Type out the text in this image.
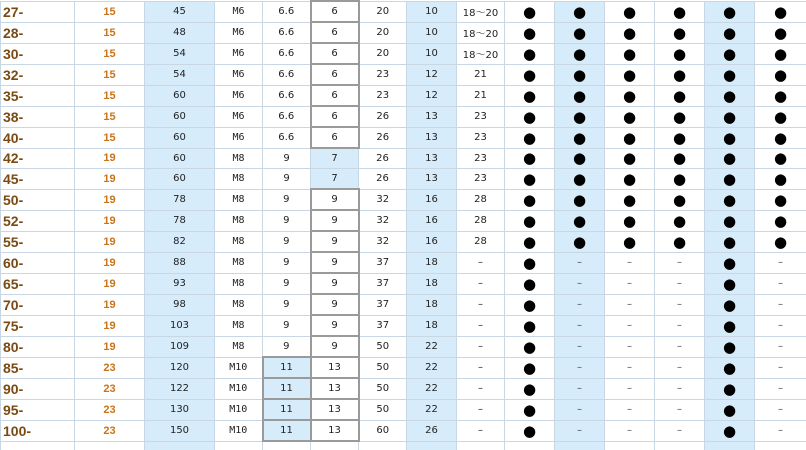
27-	15	45	M6	6.6	6	20	10	18～20	●	●	●	●	●	●
28-	15	48	M6	6.6	6	20	10	18～20	●	●	●	●	●	●
30-	15	54	M6	6.6	6	20	10	18～20	●	●	●	●	●	●
32-	15	54	M6	6.6	6	23	12	21	●	●	●	●	●	●
35-	15	60	M6	6.6	6	23	12	21	●	●	●	●	●	●
38-	15	60	M6	6.6	6	26	13	23	●	●	●	●	●	●
40-	15	60	M6	6.6	6	26	13	23	●	●	●	●	●	●
42-	19	60	M8	9	7	26	13	23	●	●	●	●	●	●
45-	19	60	M8	9	7	26	13	23	●	●	●	●	●	●
50-	19	78	M8	9	9	32	16	28	●	●	●	●	●	●
52-	19	78	M8	9	9	32	16	28	●	●	●	●	●	●
55-	19	82	M8	9	9	32	16	28	●	●	●	●	●	●
60-	19	88	M8	9	9	37	18	–	●	–	–	–	●	–
65-	19	93	M8	9	9	37	18	–	●	–	–	–	●	–
70-	19	98	M8	9	9	37	18	–	●	–	–	–	●	–
75-	19	103	M8	9	9	37	18	–	●	–	–	–	●	–
80-	19	109	M8	9	9	50	22	–	●	–	–	–	●	–
85-	23	120	M10	11	13	50	22	–	●	–	–	–	●	–
90-	23	122	M10	11	13	50	22	–	●	–	–	–	●	–
95-	23	130	M10	11	13	50	22	–	●	–	–	–	●	–
100-	23	150	M10	11	13	60	26	–	●	–	–	–	●	–
